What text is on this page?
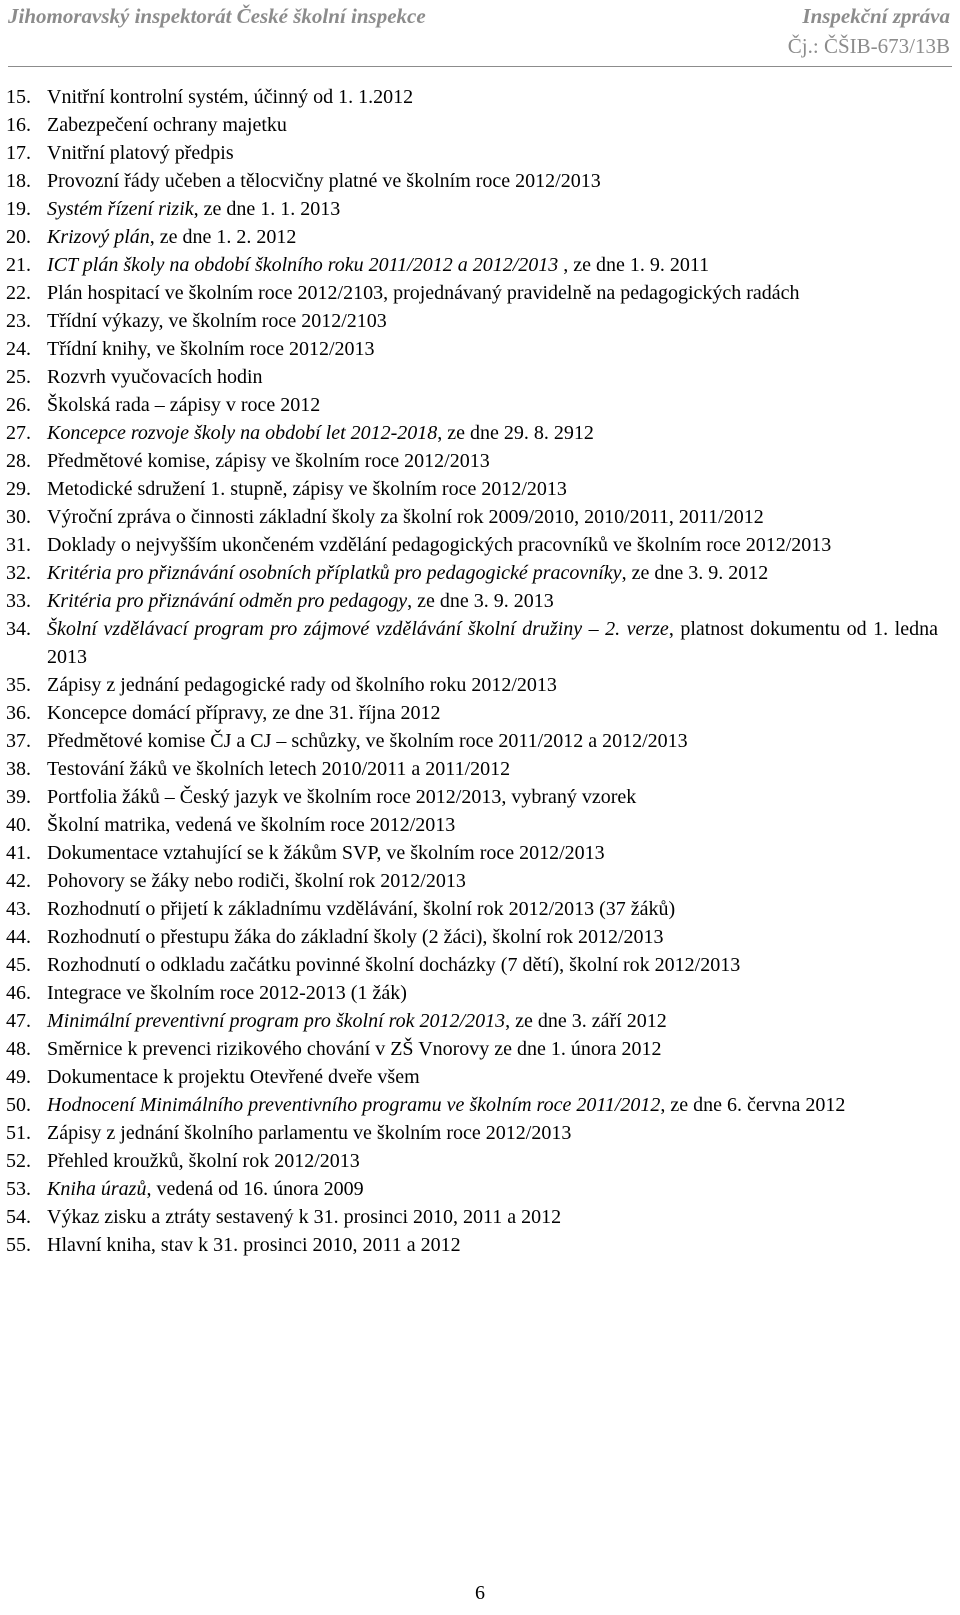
Jihomoravský inspektorát České školní inspekce	Inspekční zpráva
Čj.: ČŠIB-673/13B
15. Vnitřní kontrolní systém, účinný od 1. 1.2012
16. Zabezpečení ochrany majetku
17. Vnitřní platový předpis
18. Provozní řády učeben a tělocvičny platné ve školním roce 2012/2013
19. Systém řízení rizik, ze dne 1. 1. 2013
20. Krizový plán, ze dne 1. 2. 2012
21. ICT plán školy na období školního roku 2011/2012 a 2012/2013 , ze dne 1. 9. 2011
22. Plán hospitací ve školním roce 2012/2103, projednávaný pravidelně na pedagogických radách
23. Třídní výkazy, ve školním roce 2012/2103
24. Třídní knihy, ve školním roce 2012/2013
25. Rozvrh vyučovacích hodin
26. Školská rada – zápisy v roce 2012
27. Koncepce rozvoje školy na období let 2012-2018, ze dne 29. 8. 2912
28. Předmětové komise, zápisy ve školním roce 2012/2013
29. Metodické sdružení 1. stupně, zápisy ve školním roce 2012/2013
30. Výroční zpráva o činnosti základní školy za školní rok 2009/2010, 2010/2011, 2011/2012
31. Doklady o nejvyšším ukončeném vzdělání pedagogických pracovníků ve školním roce 2012/2013
32. Kritéria pro přiznávání osobních příplatků pro pedagogické pracovníky, ze dne 3. 9. 2012
33. Kritéria pro přiznávání odměn pro pedagogy, ze dne 3. 9. 2013
34. Školní vzdělávací program pro zájmové vzdělávání školní družiny – 2. verze, platnost dokumentu od 1. ledna 2013
35. Zápisy z jednání pedagogické rady od školního roku 2012/2013
36. Koncepce domácí přípravy, ze dne 31. října 2012
37. Předmětové komise ČJ a CJ – schůzky, ve školním roce 2011/2012 a 2012/2013
38. Testování žáků ve školních letech 2010/2011 a 2011/2012
39. Portfolia žáků – Český jazyk ve školním roce 2012/2013, vybraný vzorek
40. Školní matrika, vedená ve školním roce 2012/2013
41. Dokumentace vztahující se k žákům SVP, ve školním roce 2012/2013
42. Pohovory se žáky nebo rodiči, školní rok 2012/2013
43. Rozhodnutí o přijetí k základnímu vzdělávání, školní rok 2012/2013 (37 žáků)
44. Rozhodnutí o přestupu žáka do základní školy (2 žáci), školní rok 2012/2013
45. Rozhodnutí o odkladu začátku povinné školní docházky (7 dětí), školní rok 2012/2013
46. Integrace ve školním roce 2012-2013 (1 žák)
47. Minimální preventivní program pro školní rok 2012/2013, ze dne 3. září 2012
48. Směrnice k prevenci rizikového chování v ZŠ Vnorovy ze dne 1. února 2012
49. Dokumentace k projektu Otevřené dveře všem
50. Hodnocení Minimálního preventivního programu ve školním roce 2011/2012, ze dne 6. června 2012
51. Zápisy z jednání školního parlamentu ve školním roce 2012/2013
52. Přehled kroužků, školní rok 2012/2013
53. Kniha úrazů, vedená od 16. února 2009
54. Výkaz zisku a ztráty sestavený k 31. prosinci 2010, 2011 a 2012
55. Hlavní kniha, stav k 31. prosinci 2010, 2011 a 2012
6
